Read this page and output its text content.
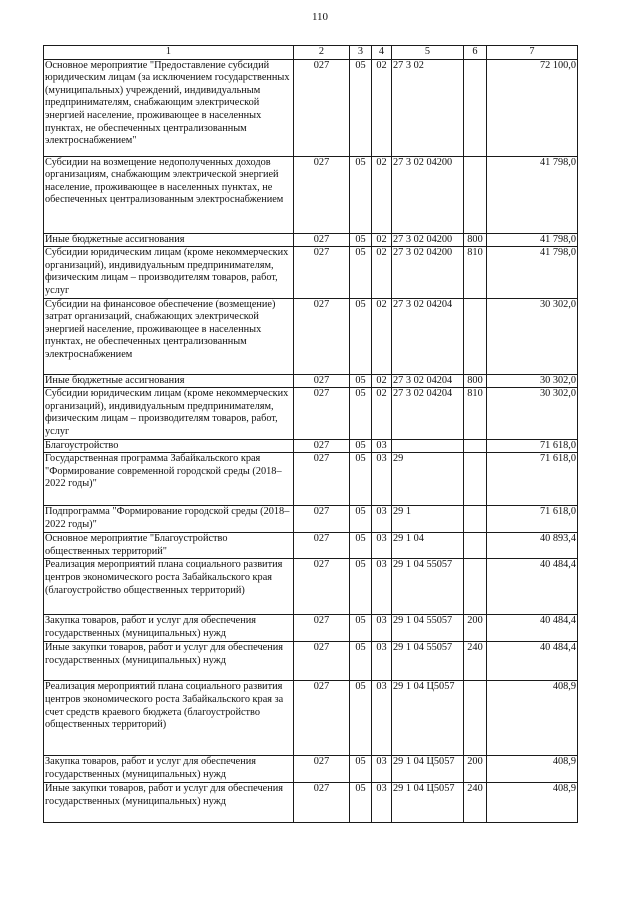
110
1	2	3	4	5	6	7
Основное мероприятие "Предоставление субсидий юридическим лицам (за исключением государственных (муниципальных) учреждений, индивидуальным предпринимателям, снабжающим электрической энергией население, проживающее в населенных пунктах, не обеспеченных централизованным электроснабжением"	027	05	02	27 3 02		72 100,0
Субсидии на возмещение недополученных доходов организациям, снабжающим электрической энергией население, проживающее в населенных пунктах, не обеспеченных централизованным электроснабжением	027	05	02	27 3 02 04200		41 798,0
Иные бюджетные ассигнования	027	05	02	27 3 02 04200	800	41 798,0
Субсидии юридическим лицам (кроме некоммерческих организаций), индивидуальным предпринимателям, физическим лицам – производителям товаров, работ, услуг	027	05	02	27 3 02 04200	810	41 798,0
Субсидии на финансовое обеспечение (возмещение) затрат организаций, снабжающих электрической энергией население, проживающее в населенных пунктах, не обеспеченных централизованным электроснабжением	027	05	02	27 3 02 04204		30 302,0
Иные бюджетные ассигнования	027	05	02	27 3 02 04204	800	30 302,0
Субсидии юридическим лицам (кроме некоммерческих организаций), индивидуальным предпринимателям, физическим лицам – производителям товаров, работ, услуг	027	05	02	27 3 02 04204	810	30 302,0
Благоустройство	027	05	03			71 618,0
Государственная программа Забайкальского края "Формирование современной городской среды (2018–2022 годы)"	027	05	03	29		71 618,0
Подпрограмма "Формирование городской среды (2018–2022 годы)"	027	05	03	29 1		71 618,0
Основное мероприятие "Благоустройство общественных территорий"	027	05	03	29 1 04		40 893,4
Реализация мероприятий плана социального развития центров экономического роста Забайкальского края (благоустройство общественных территорий)	027	05	03	29 1 04 55057		40 484,4
Закупка товаров, работ и услуг для обеспечения государственных (муниципальных) нужд	027	05	03	29 1 04 55057	200	40 484,4
Иные закупки товаров, работ и услуг для обеспечения государственных (муниципальных) нужд	027	05	03	29 1 04 55057	240	40 484,4
Реализация мероприятий плана социального развития центров экономического роста Забайкальского края за счет средств краевого бюджета (благоустройство общественных территорий)	027	05	03	29 1 04 Ц5057		408,9
Закупка товаров, работ и услуг для обеспечения государственных (муниципальных) нужд	027	05	03	29 1 04 Ц5057	200	408,9
Иные закупки товаров, работ и услуг для обеспечения государственных (муниципальных) нужд	027	05	03	29 1 04 Ц5057	240	408,9
